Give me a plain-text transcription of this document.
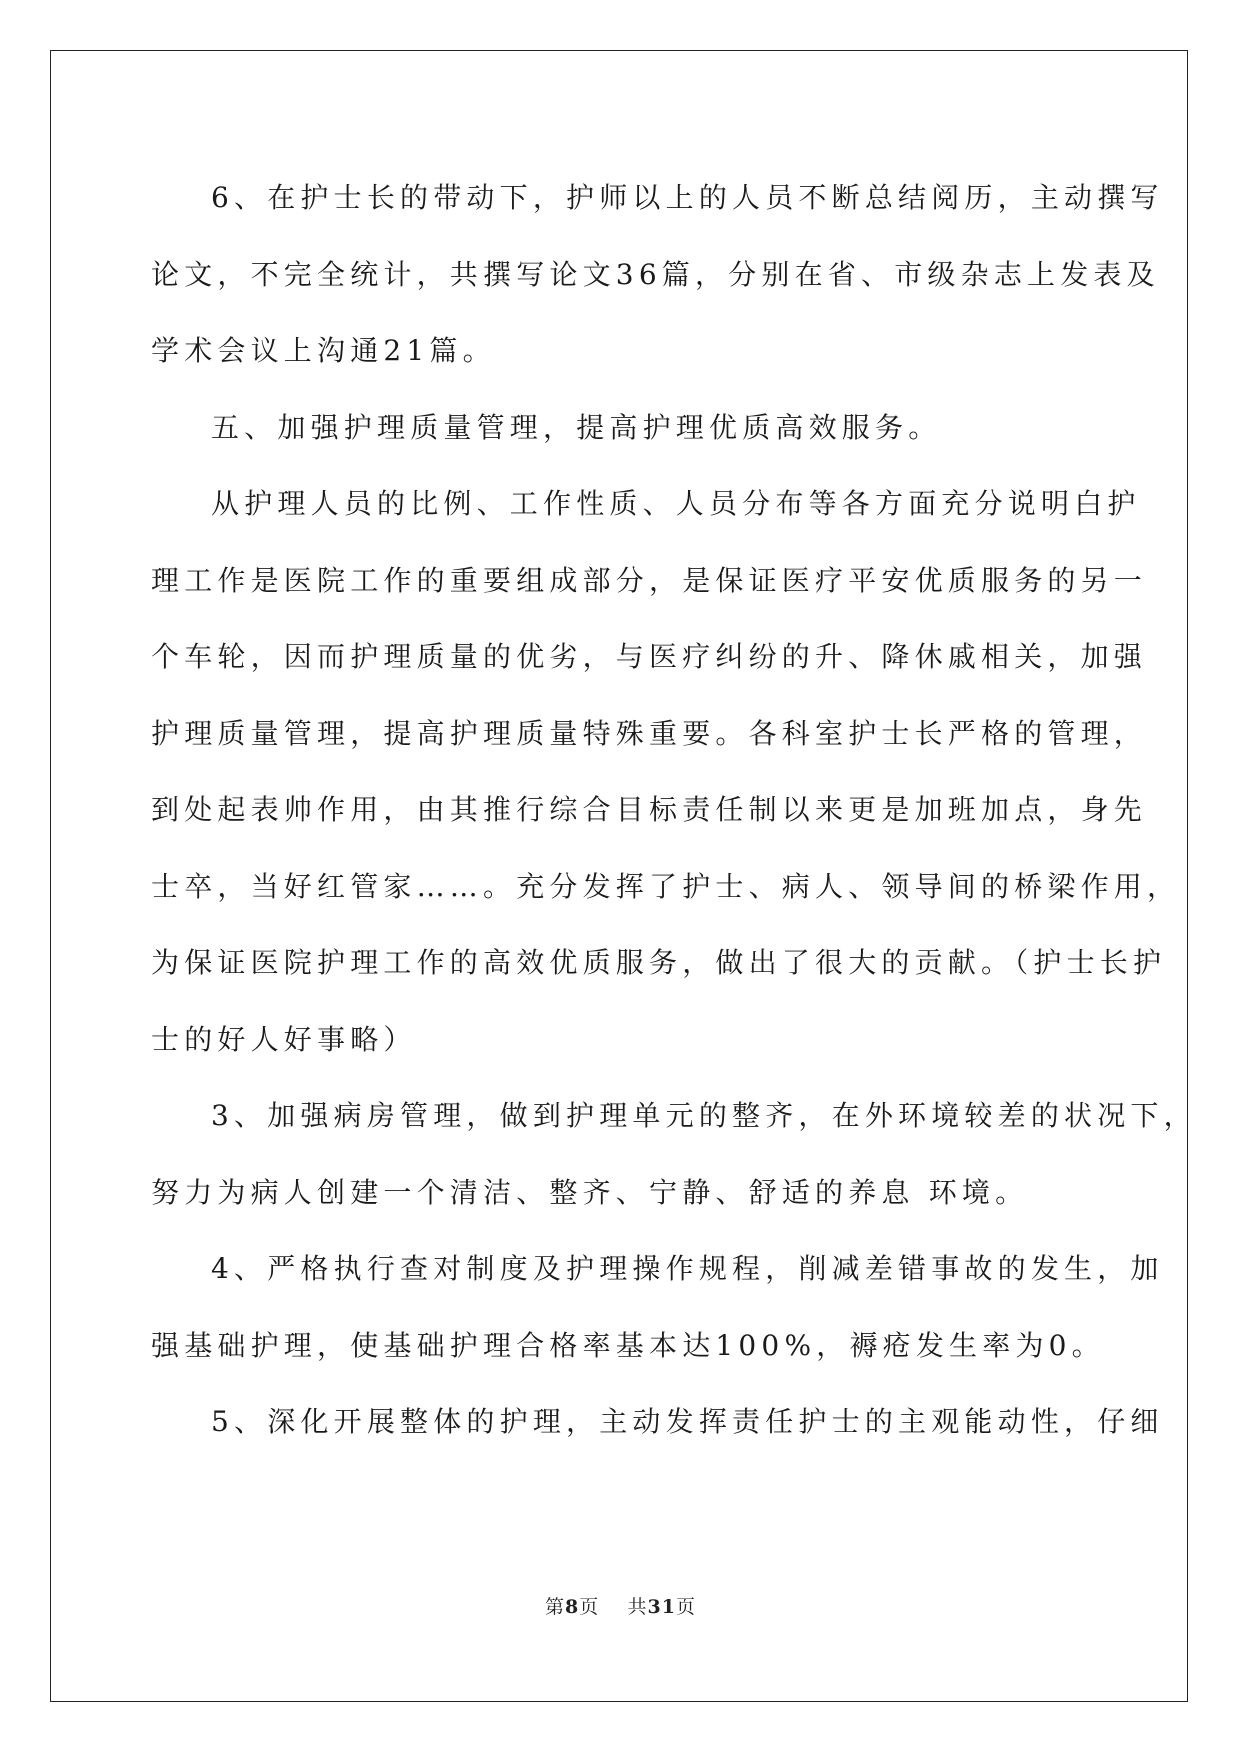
6、在护士长的带动下，护师以上的人员不断总结阅历，主动撰写
论文，不完全统计，共撰写论文36篇，分别在省、市级杂志上发表及
学术会议上沟通21篇。

五、加强护理质量管理，提高护理优质高效服务。

从护理人员的比例、工作性质、人员分布等各方面充分说明白护
理工作是医院工作的重要组成部分，是保证医疗平安优质服务的另一
个车轮，因而护理质量的优劣，与医疗纠纷的升、降休戚相关，加强
护理质量管理，提高护理质量特殊重要。各科室护士长严格的管理，
到处起表帅作用，由其推行综合目标责任制以来更是加班加点，身先
士卒，当好红管家……。充分发挥了护士、病人、领导间的桥梁作用，
为保证医院护理工作的高效优质服务，做出了很大的贡献。（护士长护
士的好人好事略）

3、加强病房管理，做到护理单元的整齐，在外环境较差的状况下，
努力为病人创建一个清洁、整齐、宁静、舒适的养息 环境。

4、严格执行查对制度及护理操作规程，削减差错事故的发生，加
强基础护理，使基础护理合格率基本达100%，褥疮发生率为0。

5、深化开展整体的护理，主动发挥责任护士的主观能动性，仔细

第8页 共31页
